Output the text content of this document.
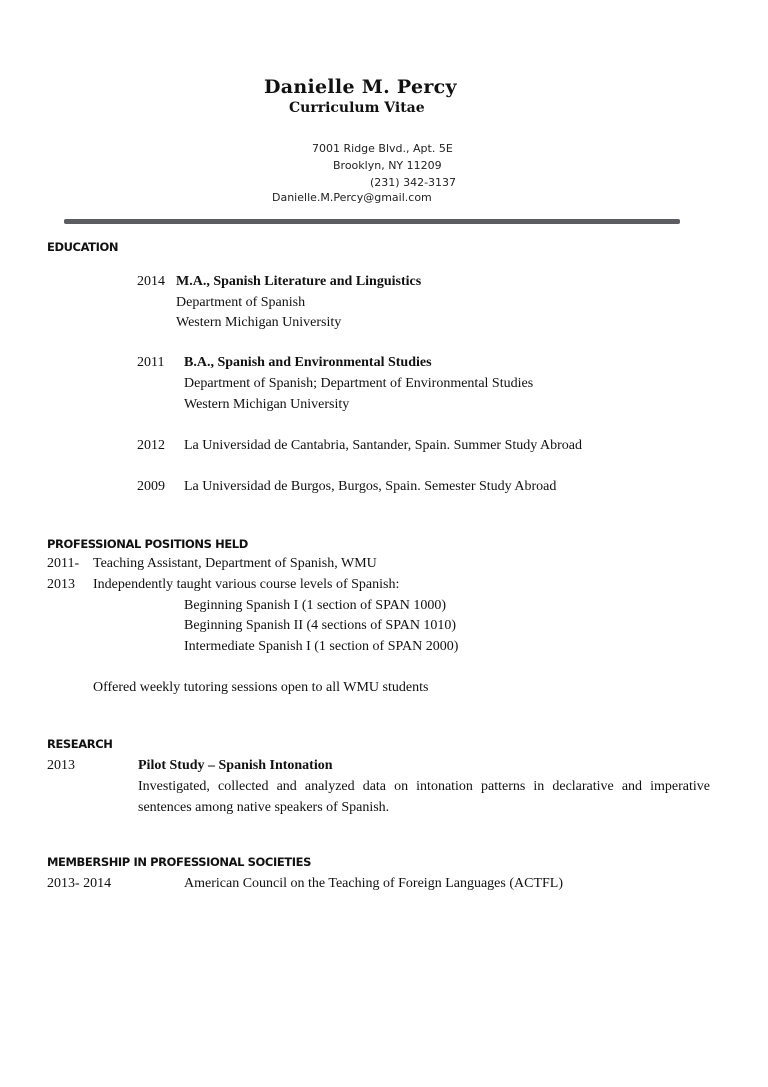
Danielle M. Percy
Curriculum Vitae
7001 Ridge Blvd., Apt. 5E
Brooklyn, NY 11209
(231) 342-3137
Danielle.M.Percy@gmail.com
EDUCATION
2014 M.A., Spanish Literature and Linguistics
Department of Spanish
Western Michigan University
2011 B.A., Spanish and Environmental Studies
Department of Spanish; Department of Environmental Studies
Western Michigan University
2012 La Universidad de Cantabria, Santander, Spain. Summer Study Abroad
2009 La Universidad de Burgos, Burgos, Spain. Semester Study Abroad
PROFESSIONAL POSITIONS HELD
2011- Teaching Assistant, Department of Spanish, WMU
2013 Independently taught various course levels of Spanish:
Beginning Spanish I (1 section of SPAN 1000)
Beginning Spanish II (4 sections of SPAN 1010)
Intermediate Spanish I (1 section of SPAN 2000)
Offered weekly tutoring sessions open to all WMU students
RESEARCH
2013	Pilot Study – Spanish Intonation
Investigated, collected and analyzed data on intonation patterns in declarative and imperative sentences among native speakers of Spanish.
MEMBERSHIP IN PROFESSIONAL SOCIETIES
2013- 2014	American Council on the Teaching of Foreign Languages (ACTFL)
